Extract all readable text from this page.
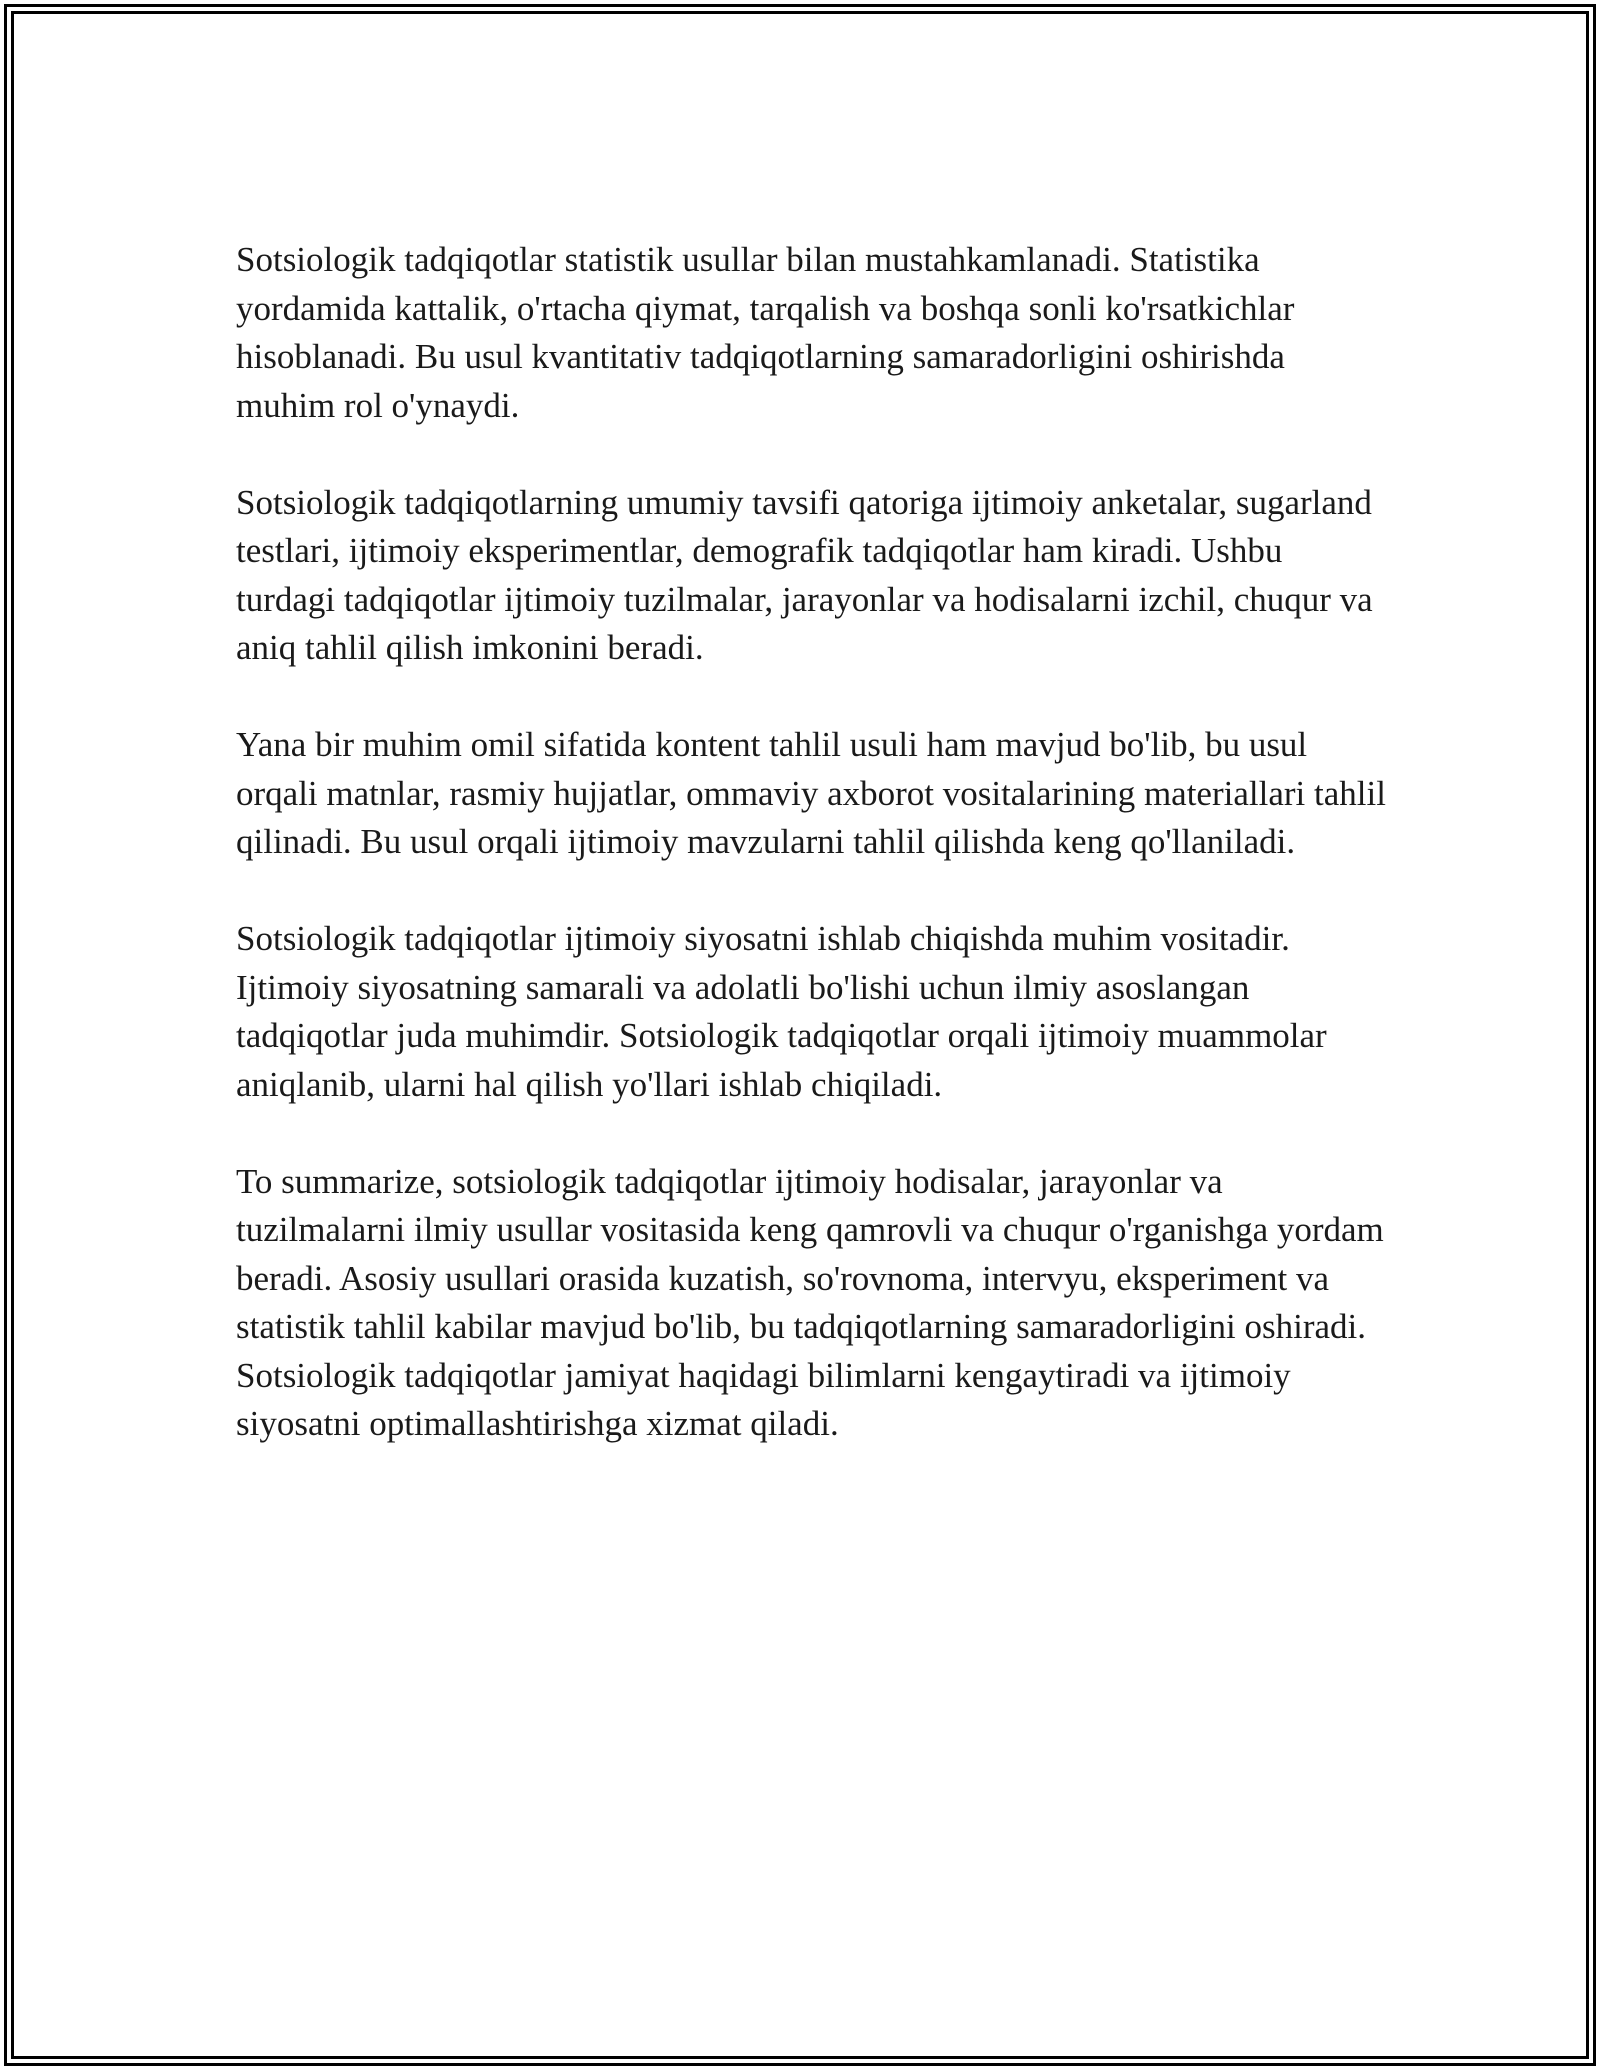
Sotsiologik tadqiqotlar statistik usullar bilan mustahkamlanadi. Statistika yordamida kattalik, o'rtacha qiymat, tarqalish va boshqa sonli ko'rsatkichlar hisoblanadi. Bu usul kvantitativ tadqiqotlarning samaradorligini oshirishda muhim rol o'ynaydi.

Sotsiologik tadqiqotlarning umumiy tavsifi qatoriga ijtimoiy anketalar, sugarland testlari, ijtimoiy eksperimentlar, demografik tadqiqotlar ham kiradi. Ushbu turdagi tadqiqotlar ijtimoiy tuzilmalar, jarayonlar va hodisalarni izchil, chuqur va aniq tahlil qilish imkonini beradi.

Yana bir muhim omil sifatida kontent tahlil usuli ham mavjud bo'lib, bu usul orqali matnlar, rasmiy hujjatlar, ommaviy axborot vositalarining materiallari tahlil qilinadi. Bu usul orqali ijtimoiy mavzularni tahlil qilishda keng qo'llaniladi.

Sotsiologik tadqiqotlar ijtimoiy siyosatni ishlab chiqishda muhim vositadir. Ijtimoiy siyosatning samarali va adolatli bo'lishi uchun ilmiy asoslangan tadqiqotlar juda muhimdir. Sotsiologik tadqiqotlar orqali ijtimoiy muammolar aniqlanib, ularni hal qilish yo'llari ishlab chiqiladi.

To summarize, sotsiologik tadqiqotlar ijtimoiy hodisalar, jarayonlar va tuzilmalarni ilmiy usullar vositasida keng qamrovli va chuqur o'rganishga yordam beradi. Asosiy usullari orasida kuzatish, so'rovnoma, intervyu, eksperiment va statistik tahlil kabilar mavjud bo'lib, bu tadqiqotlarning samaradorligini oshiradi. Sotsiologik tadqiqotlar jamiyat haqidagi bilimlarni kengaytiradi va ijtimoiy siyosatni optimallashtirishga xizmat qiladi.
